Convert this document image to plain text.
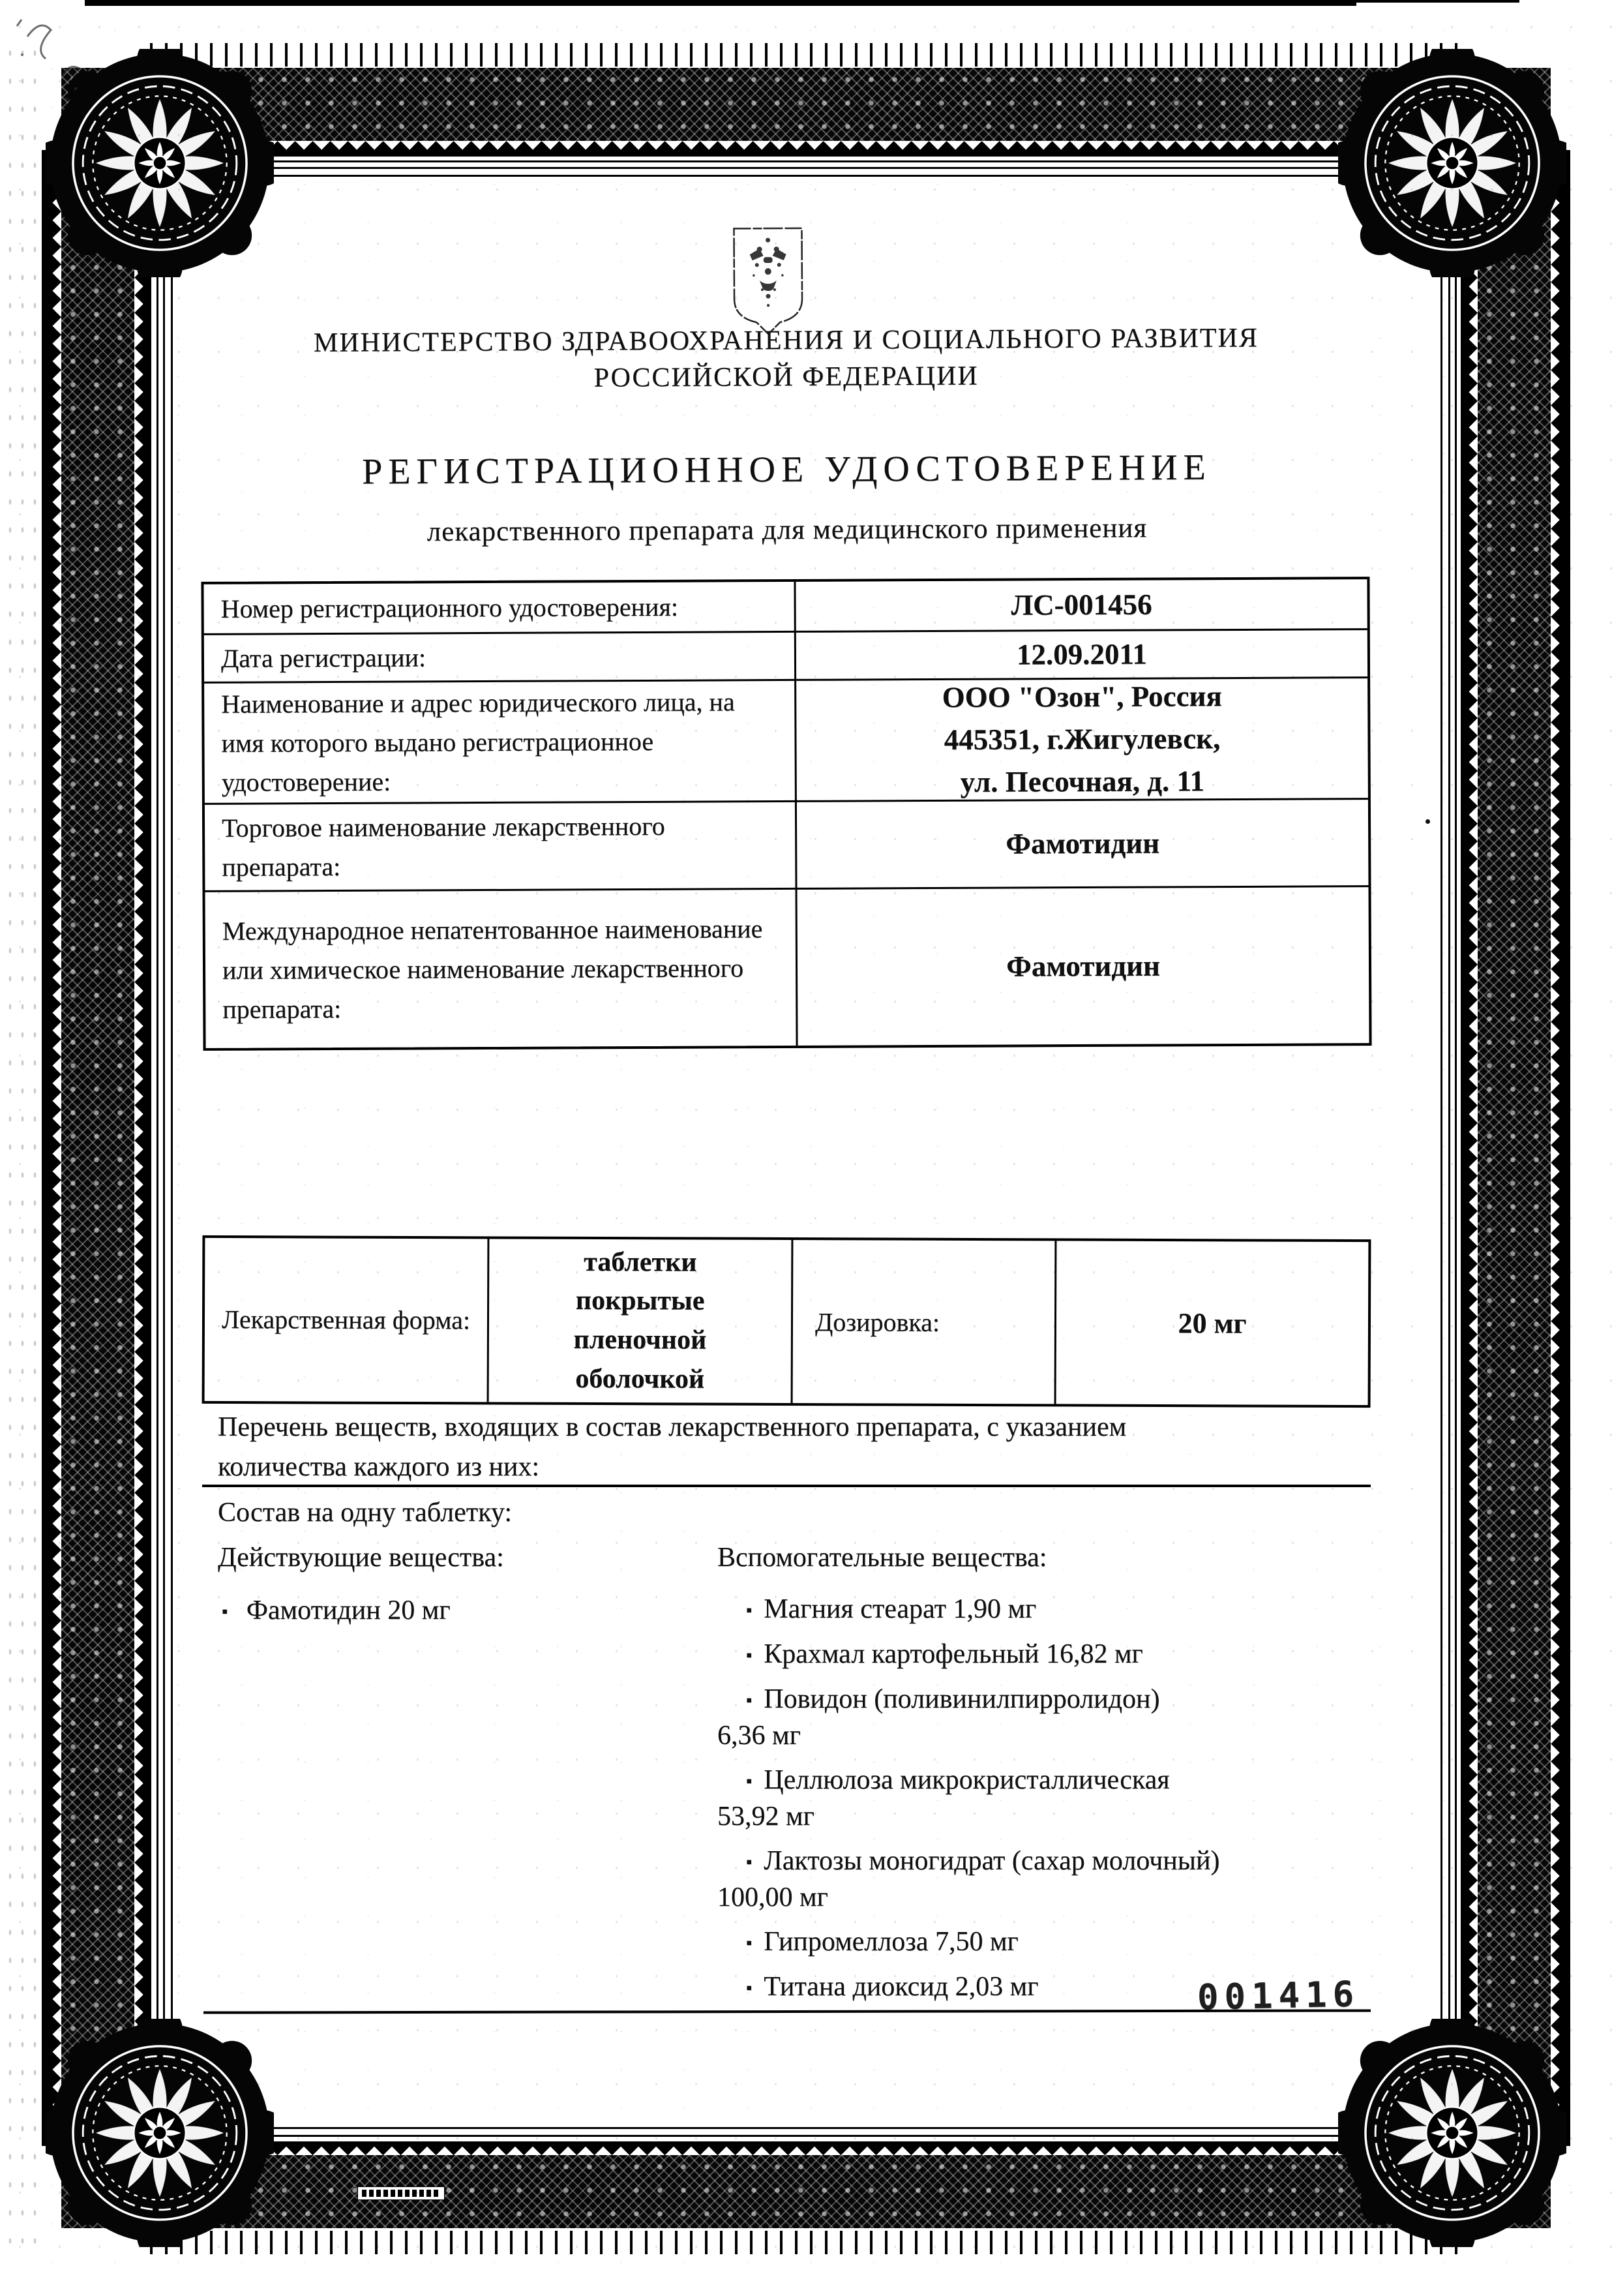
МИНИСТЕРСТВО ЗДРАВООХРАНЕНИЯ И СОЦИАЛЬНОГО РАЗВИТИЯ
РОССИЙСКОЙ ФЕДЕРАЦИИ
РЕГИСТРАЦИОННОЕ УДОСТОВЕРЕНИЕ
лекарственного препарата для медицинского применения
Номер регистрационного удостоверения:	ЛС-001456
Дата регистрации:	12.09.2011
Наименование и адрес юридического лица, на имя которого выдано регистрационное удостоверение:
ООО "Озон", Россия
445351, г.Жигулевск,
ул. Песочная, д. 11
Торговое наименование лекарственного препарата:
Фамотидин
Международное непатентованное наименование или химическое наименование лекарственного препарата:
Фамотидин
Лекарственная форма:
таблетки покрытые пленочной оболочкой
Дозировка:	20 мг
Перечень веществ, входящих в состав лекарственного препарата, с указанием
количества каждого из них:
Состав на одну таблетку:
Действующие вещества:
▪ Фамотидин 20 мг
Вспомогательные вещества:
▪ Магния стеарат 1,90 мг
▪ Крахмал картофельный 16,82 мг
▪ Повидон (поливинилпирролидон)
6,36 мг
▪ Целлюлоза микрокристаллическая
53,92 мг
▪ Лактозы моногидрат (сахар молочный)
100,00 мг
▪ Гипромеллоза 7,50 мг
▪ Титана диоксид 2,03 мг	001416
